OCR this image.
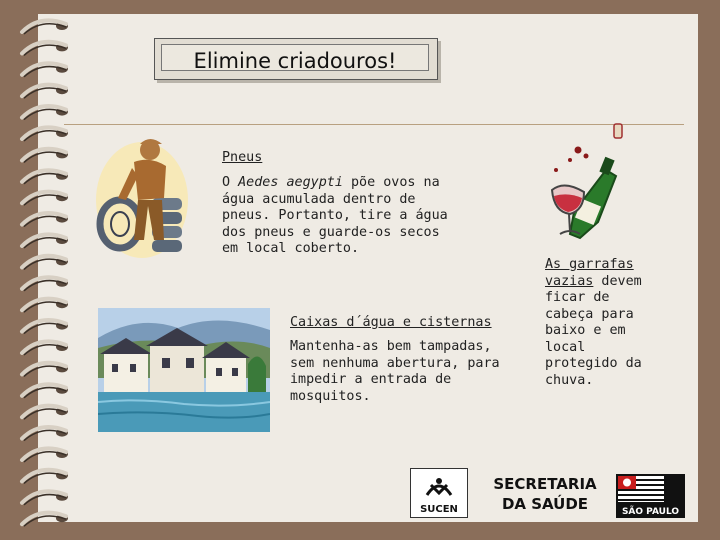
Elimine criadouros!
Pneus
O Aedes aegypti põe ovos na água acumulada dentro de pneus. Portanto, tire a água dos pneus e guarde-os secos em local coberto.
As garrafas vazias devem ficar de cabeça para baixo e em local protegido da chuva.
Caixas d´água e cisternas
Mantenha-as bem tampadas, sem nenhuma abertura, para impedir a entrada de mosquitos.
SUCEN
SECRETARIA
DA SAÚDE	SÃO PAULO
